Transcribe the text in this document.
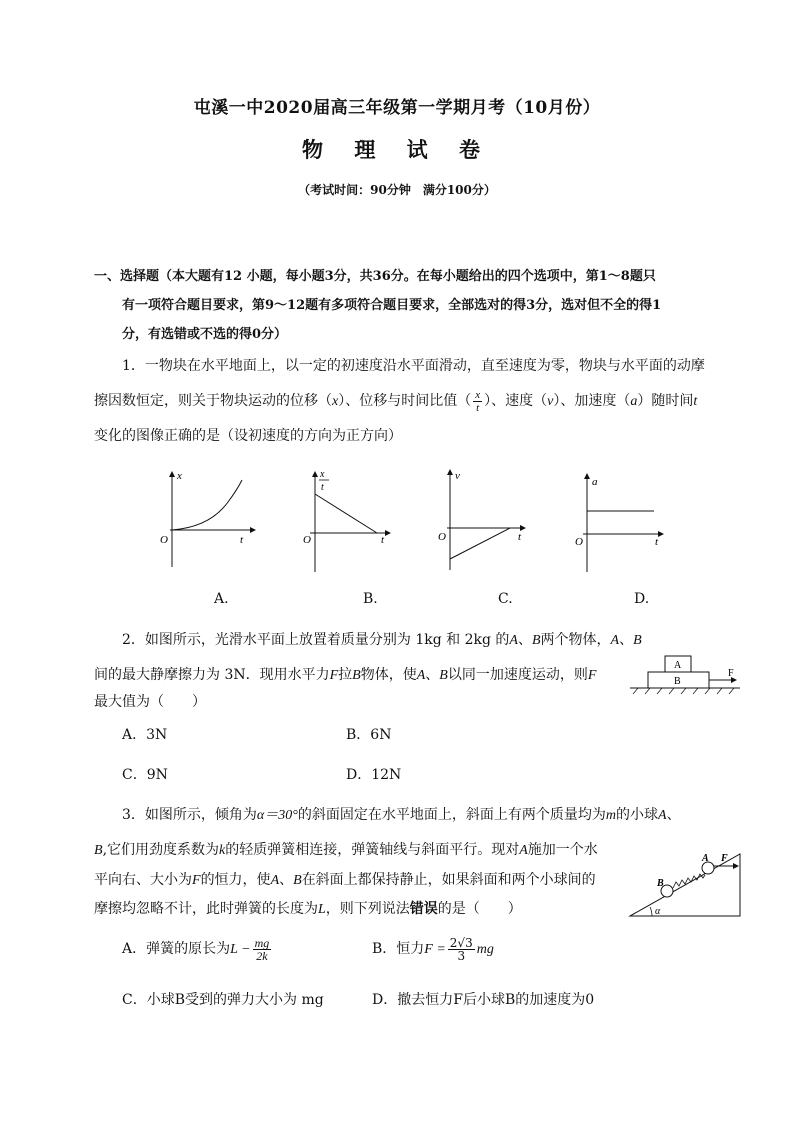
屯溪一中2020届高三年级第一学期月考（10月份）
物 理 试 卷
（考试时间：90分钟　满分100分）
一、选择题（本大题有12 小题，每小题3分，共36分。在每小题给出的四个选项中，第1～8题只
有一项符合题目要求，第9～12题有多项符合题目要求，全部选对的得3分，选对但不全的得1
分，有选错或不选的得0分）
1．一物块在水平地面上，以一定的初速度沿水平面滑动，直至速度为零，物块与水平面的动摩
擦因数恒定，则关于物块运动的位移（x）、位移与时间比值（ $\frac{x}{t}$ ）、速度（v）、加速度（a）随时间t
变化的图像正确的是（设初速度的方向为正方向）
x
t
O
x
t
t
O
v
t
O
a
t
O
A.	B.	C.	D.
2．如图所示，光滑水平面上放置着质量分别为 1kg 和 2kg 的A、B两个物体，A、B
间的最大静摩擦力为 3N．现用水平力F拉B物体，使A、B以同一加速度运动，则F
最大值为（　　）
A
B
F
A．3N	B．6N
C．9N	D．12N
3．如图所示，倾角为α＝30°的斜面固定在水平地面上，斜面上有两个质量均为m的小球A、
B,它们用劲度系数为k的轻质弹簧相连接，弹簧轴线与斜面平行。现对A施加一个水
平向右、大小为F的恒力，使A、B在斜面上都保持静止，如果斜面和两个小球间的
摩擦均忽略不计，此时弹簧的长度为L，则下列说法错误的是（　　）	α
B
A F
A．弹簧的原长为$L - \frac{mg}{2k}$	B．恒力$F = \frac{2√3}{3}$ mg
C．小球B受到的弹力大小为 mg	D．撤去恒力F后小球B的加速度为0
